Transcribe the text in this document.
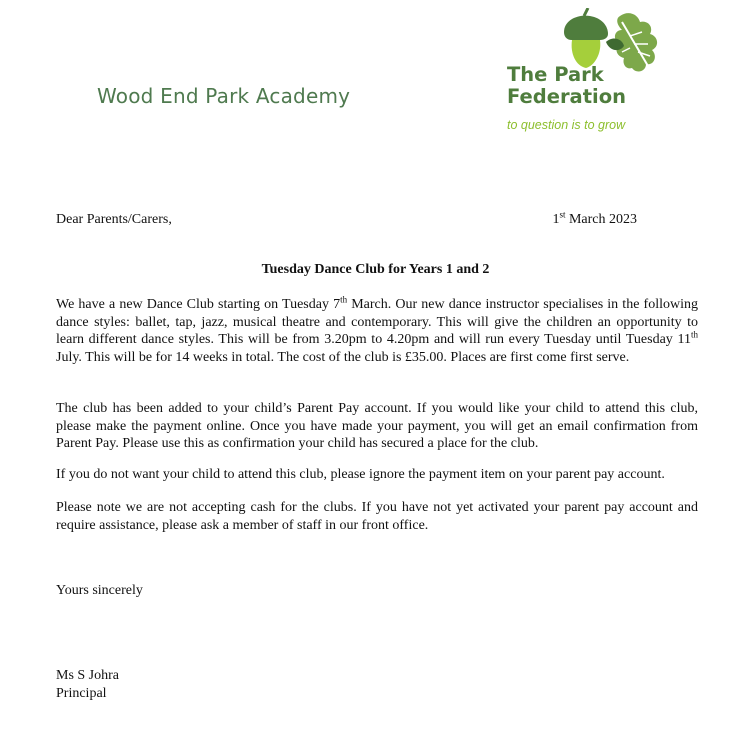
Wood End Park Academy

The Park

Federation

to question is to grow

Dear Parents/Carers,	1st March 2023

Tuesday Dance Club for Years 1 and 2

We have a new Dance Club starting on Tuesday 7th March. Our new dance instructor specialises in the following dance styles: ballet, tap, jazz, musical theatre and contemporary. This will give the children an opportunity to learn different dance styles. This will be from 3.20pm to 4.20pm and will run every Tuesday until Tuesday 11th July. This will be for 14 weeks in total. The cost of the club is £35.00. Places are first come first serve.

The club has been added to your child’s Parent Pay account. If you would like your child to attend this club, please make the payment online. Once you have made your payment, you will get an email confirmation from Parent Pay. Please use this as confirmation your child has secured a place for the club.

If you do not want your child to attend this club, please ignore the payment item on your parent pay account.

Please note we are not accepting cash for the clubs. If you have not yet activated your parent pay account and require assistance, please ask a member of staff in our front office.

Yours sincerely

Ms S Johra
Principal
